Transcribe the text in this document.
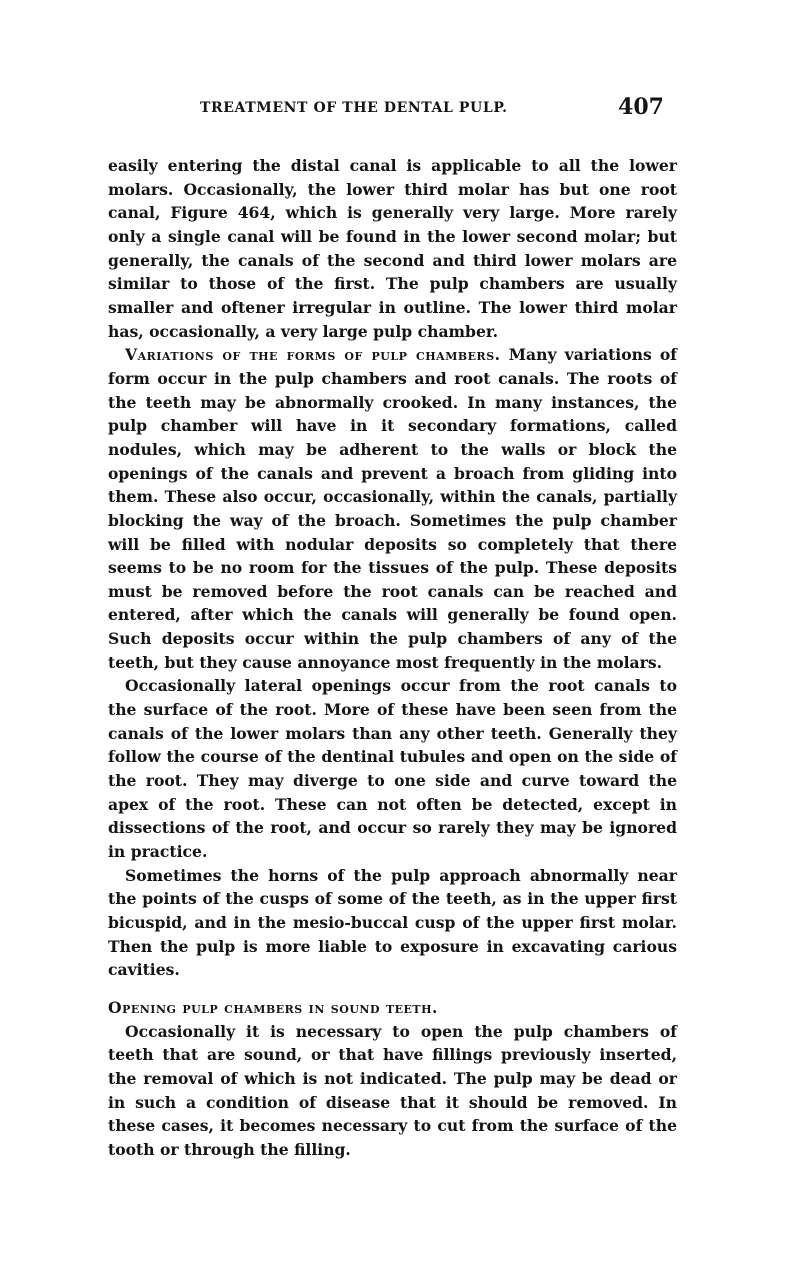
TREATMENT OF THE DENTAL PULP.	407

easily entering the distal canal is applicable to all the lower molars. Occasionally, the lower third molar has but one root canal, Figure 464, which is generally very large. More rarely only a single canal will be found in the lower second molar; but generally, the canals of the second and third lower molars are similar to those of the first. The pulp chambers are usually smaller and oftener irregular in outline. The lower third molar has, occasionally, a very large pulp chamber.

Variations of the forms of pulp chambers. Many variations of form occur in the pulp chambers and root canals. The roots of the teeth may be abnormally crooked. In many instances, the pulp chamber will have in it secondary formations, called nodules, which may be adherent to the walls or block the openings of the canals and prevent a broach from gliding into them. These also occur, occasionally, within the canals, partially blocking the way of the broach. Sometimes the pulp chamber will be filled with nodular deposits so completely that there seems to be no room for the tissues of the pulp. These deposits must be removed before the root canals can be reached and entered, after which the canals will generally be found open. Such deposits occur within the pulp chambers of any of the teeth, but they cause annoyance most frequently in the molars.

Occasionally lateral openings occur from the root canals to the surface of the root. More of these have been seen from the canals of the lower molars than any other teeth. Generally they follow the course of the dentinal tubules and open on the side of the root. They may diverge to one side and curve toward the apex of the root. These can not often be detected, except in dissections of the root, and occur so rarely they may be ignored in practice.

Sometimes the horns of the pulp approach abnormally near the points of the cusps of some of the teeth, as in the upper first bicuspid, and in the mesio-buccal cusp of the upper first molar. Then the pulp is more liable to exposure in excavating carious cavities.

Opening pulp chambers in sound teeth.

Occasionally it is necessary to open the pulp chambers of teeth that are sound, or that have fillings previously inserted, the removal of which is not indicated. The pulp may be dead or in such a condition of disease that it should be removed. In these cases, it becomes necessary to cut from the surface of the tooth or through the filling.
